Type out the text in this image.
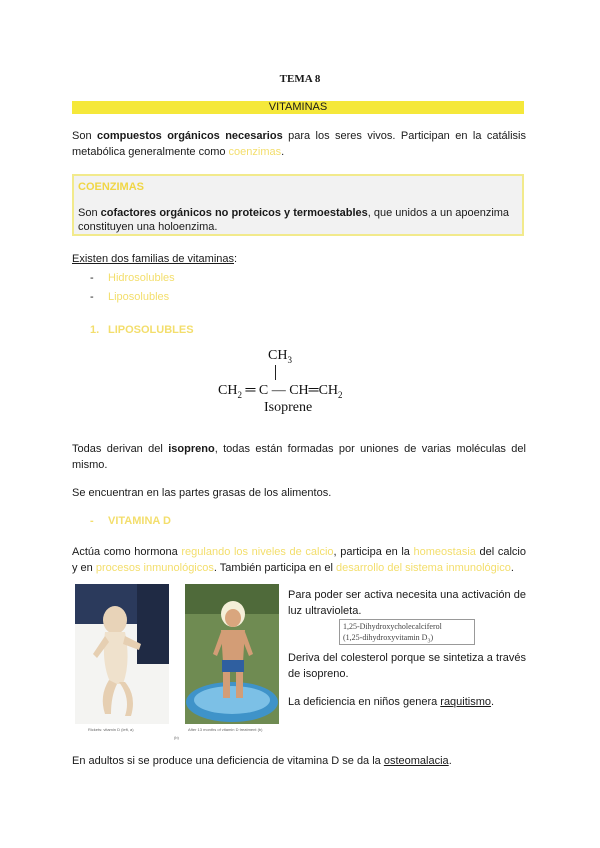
TEMA 8
VITAMINAS
Son compuestos orgánicos necesarios para los seres vivos. Participan en la catálisis metabólica generalmente como coenzimas.
COENZIMAS
Son cofactores orgánicos no proteicos y termoestables, que unidos a un apoenzima constituyen una holoenzima.
Existen dos familias de vitaminas:
- Hidrosolubles
- Liposolubles
1. LIPOSOLUBLES
$CH_3$
$CH_2$ ═ C — $CH═CH_2$
Isoprene
Todas derivan del isopreno, todas están formadas por uniones de varias moléculas del mismo.
Se encuentran en las partes grasas de los alimentos.
- VITAMINA D
Actúa como hormona regulando los niveles de calcio, participa en la homeostasia del calcio y en procesos inmunológicos. También participa en el desarrollo del sistema inmunológico.
Rickets: vitamin D (left, a)
(b)
After 13 months of vitamin D treatment (b)
Para poder ser activa necesita una activación de luz ultravioleta.
1,25-Dihydroxycholecalciferol
(1,25-dihydroxyvitamin $D_3$)
Deriva del colesterol porque se sintetiza a través de isopreno.
La deficiencia en niños genera raquitismo.
En adultos si se produce una deficiencia de vitamina D se da la osteomalacia.
